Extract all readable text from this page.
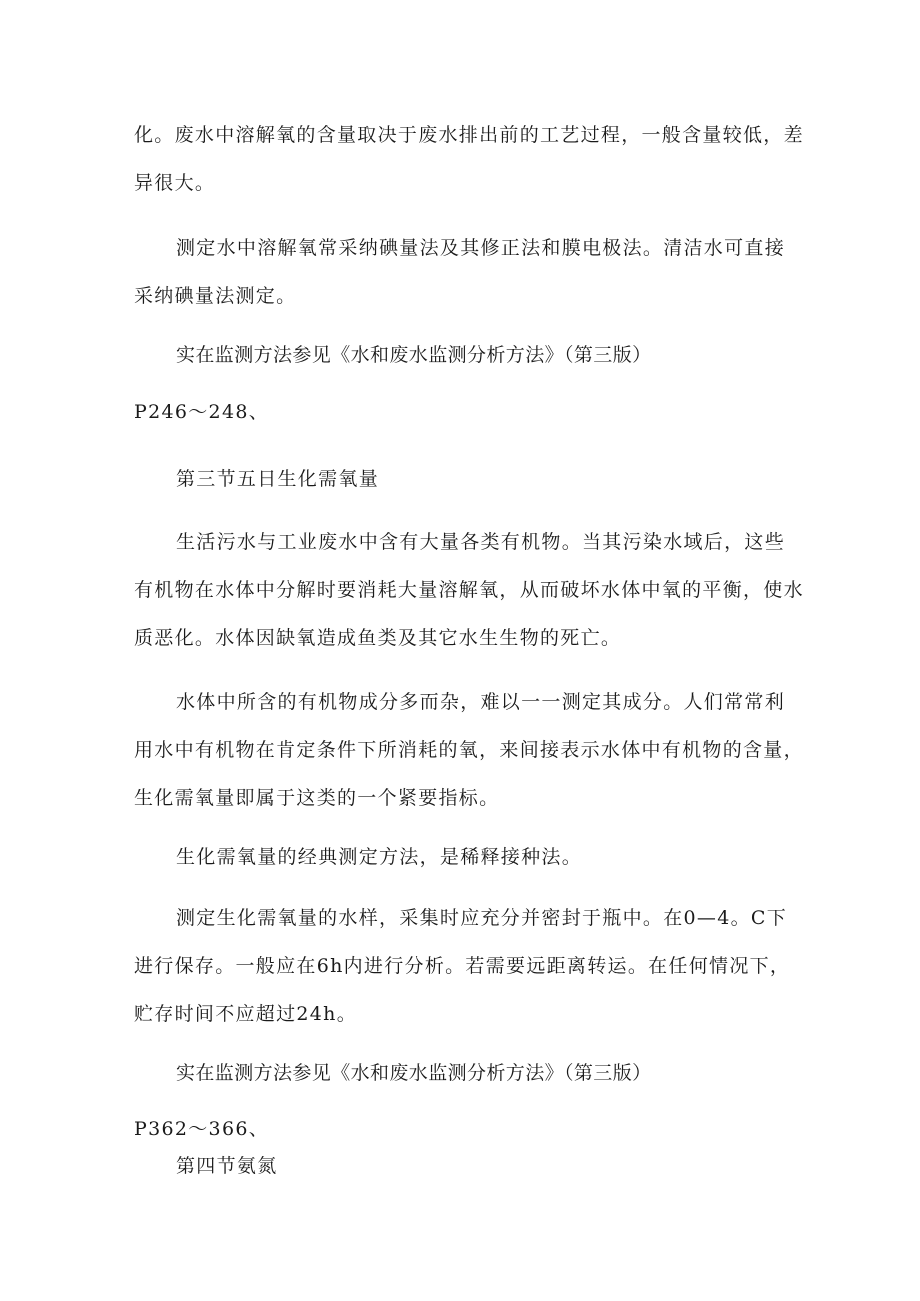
化。废水中溶解氧的含量取决于废水排出前的工艺过程，一般含量较低，差
异很大。
测定水中溶解氧常采纳碘量法及其修正法和膜电极法。清洁水可直接
采纳碘量法测定。
实在监测方法参见《水和废水监测分析方法》（第三版）
P246～248、
第三节五日生化需氧量
生活污水与工业废水中含有大量各类有机物。当其污染水域后，这些
有机物在水体中分解时要消耗大量溶解氧，从而破坏水体中氧的平衡，使水
质恶化。水体因缺氧造成鱼类及其它水生生物的死亡。
水体中所含的有机物成分多而杂，难以一一测定其成分。人们常常利
用水中有机物在肯定条件下所消耗的氧，来间接表示水体中有机物的含量，
生化需氧量即属于这类的一个紧要指标。
生化需氧量的经典测定方法，是稀释接种法。
测定生化需氧量的水样，采集时应充分并密封于瓶中。在0—4。C下
进行保存。一般应在6h内进行分析。若需要远距离转运。在任何情况下，
贮存时间不应超过24h。
实在监测方法参见《水和废水监测分析方法》（第三版）
P362～366、
第四节氨氮
